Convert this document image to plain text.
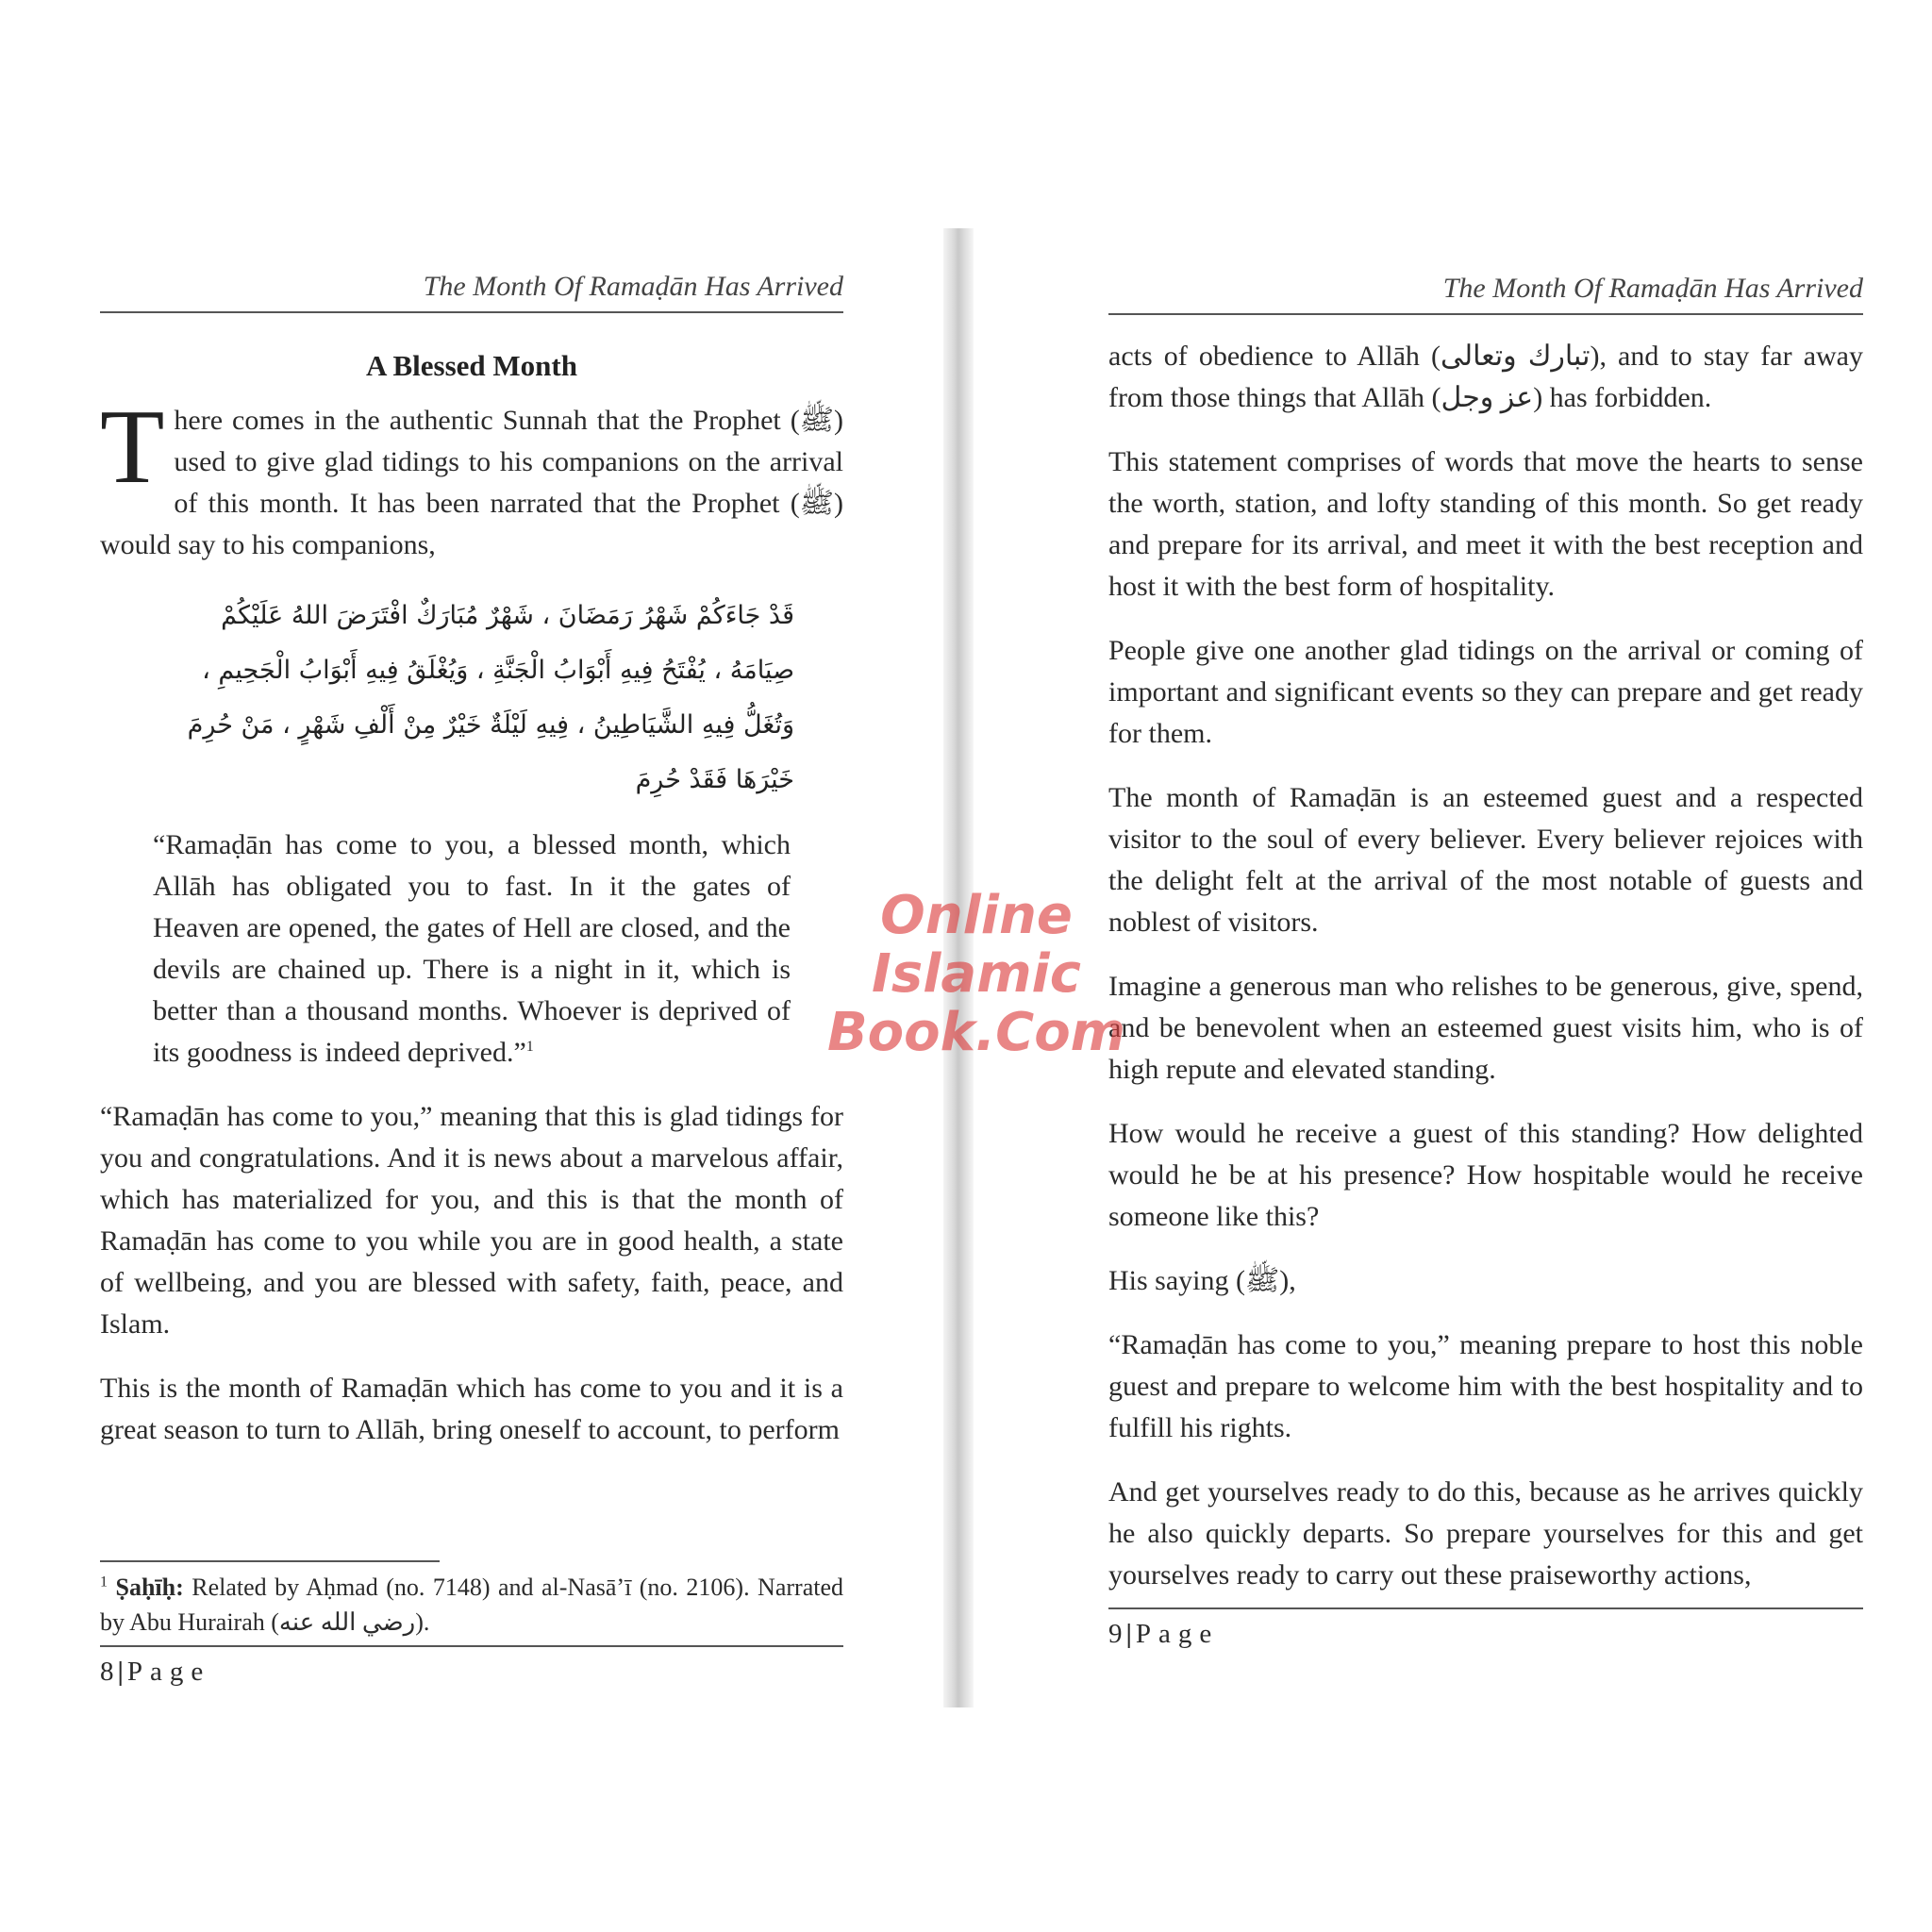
The Month Of Ramaḍān Has Arrived
A Blessed Month

T here comes in the authentic Sunnah that the Prophet (ﷺ) used to give glad tidings to his companions on the arrival of this month. It has been narrated that the Prophet (ﷺ) would say to his companions,

قَدْ جَاءَكُمْ شَهْرُ رَمَضَانَ ، شَهْرٌ مُبَارَكٌ افْتَرَضَ اللهُ عَلَيْكُمْ صِيَامَهُ ، يُفْتَحُ فِيهِ أَبْوَابُ الْجَنَّةِ ، وَيُغْلَقُ فِيهِ أَبْوَابُ الْجَحِيمِ ، وَتُغَلُّ فِيهِ الشَّيَاطِينُ ، فِيهِ لَيْلَةٌ خَيْرٌ مِنْ أَلْفِ شَهْرٍ ، مَنْ حُرِمَ خَيْرَهَا فَقَدْ حُرِمَ

“Ramaḍān has come to you, a blessed month, which Allāh has obligated you to fast. In it the gates of Heaven are opened, the gates of Hell are closed, and the devils are chained up. There is a night in it, which is better than a thousand months. Whoever is deprived of its goodness is indeed deprived.”$^1$

“Ramaḍān has come to you,” meaning that this is glad tidings for you and congratulations. And it is news about a marvelous affair, which has materialized for you, and this is that the month of Ramaḍān has come to you while you are in good health, a state of wellbeing, and you are blessed with safety, faith, peace, and Islam.

This is the month of Ramaḍān which has come to you and it is a great season to turn to Allāh, bring oneself to account, to perform

$^1$ Ṣaḥīḥ: Related by Aḥmad (no. 7148) and al-Nasā’ī (no. 2106). Narrated by Abu Hurairah (رضي الله عنه).
8 | Page
The Month Of Ramaḍān Has Arrived

acts of obedience to Allāh (تبارك وتعالى), and to stay far away from those things that Allāh (عز وجل) has forbidden.

This statement comprises of words that move the hearts to sense the worth, station, and lofty standing of this month. So get ready and prepare for its arrival, and meet it with the best reception and host it with the best form of hospitality.

People give one another glad tidings on the arrival or coming of important and significant events so they can prepare and get ready for them.

The month of Ramaḍān is an esteemed guest and a respected visitor to the soul of every believer. Every believer rejoices with the delight felt at the arrival of the most notable of guests and noblest of visitors.

Imagine a generous man who relishes to be generous, give, spend, and be benevolent when an esteemed guest visits him, who is of high repute and elevated standing.

How would he receive a guest of this standing? How delighted would he be at his presence? How hospitable would he receive someone like this?

His saying (ﷺ),

“Ramaḍān has come to you,” meaning prepare to host this noble guest and prepare to welcome him with the best hospitality and to fulfill his rights.

And get yourselves ready to do this, because as he arrives quickly he also quickly departs. So prepare yourselves for this and get yourselves ready to carry out these praiseworthy actions,

9 | Page
Online Islamic
Book.Com
